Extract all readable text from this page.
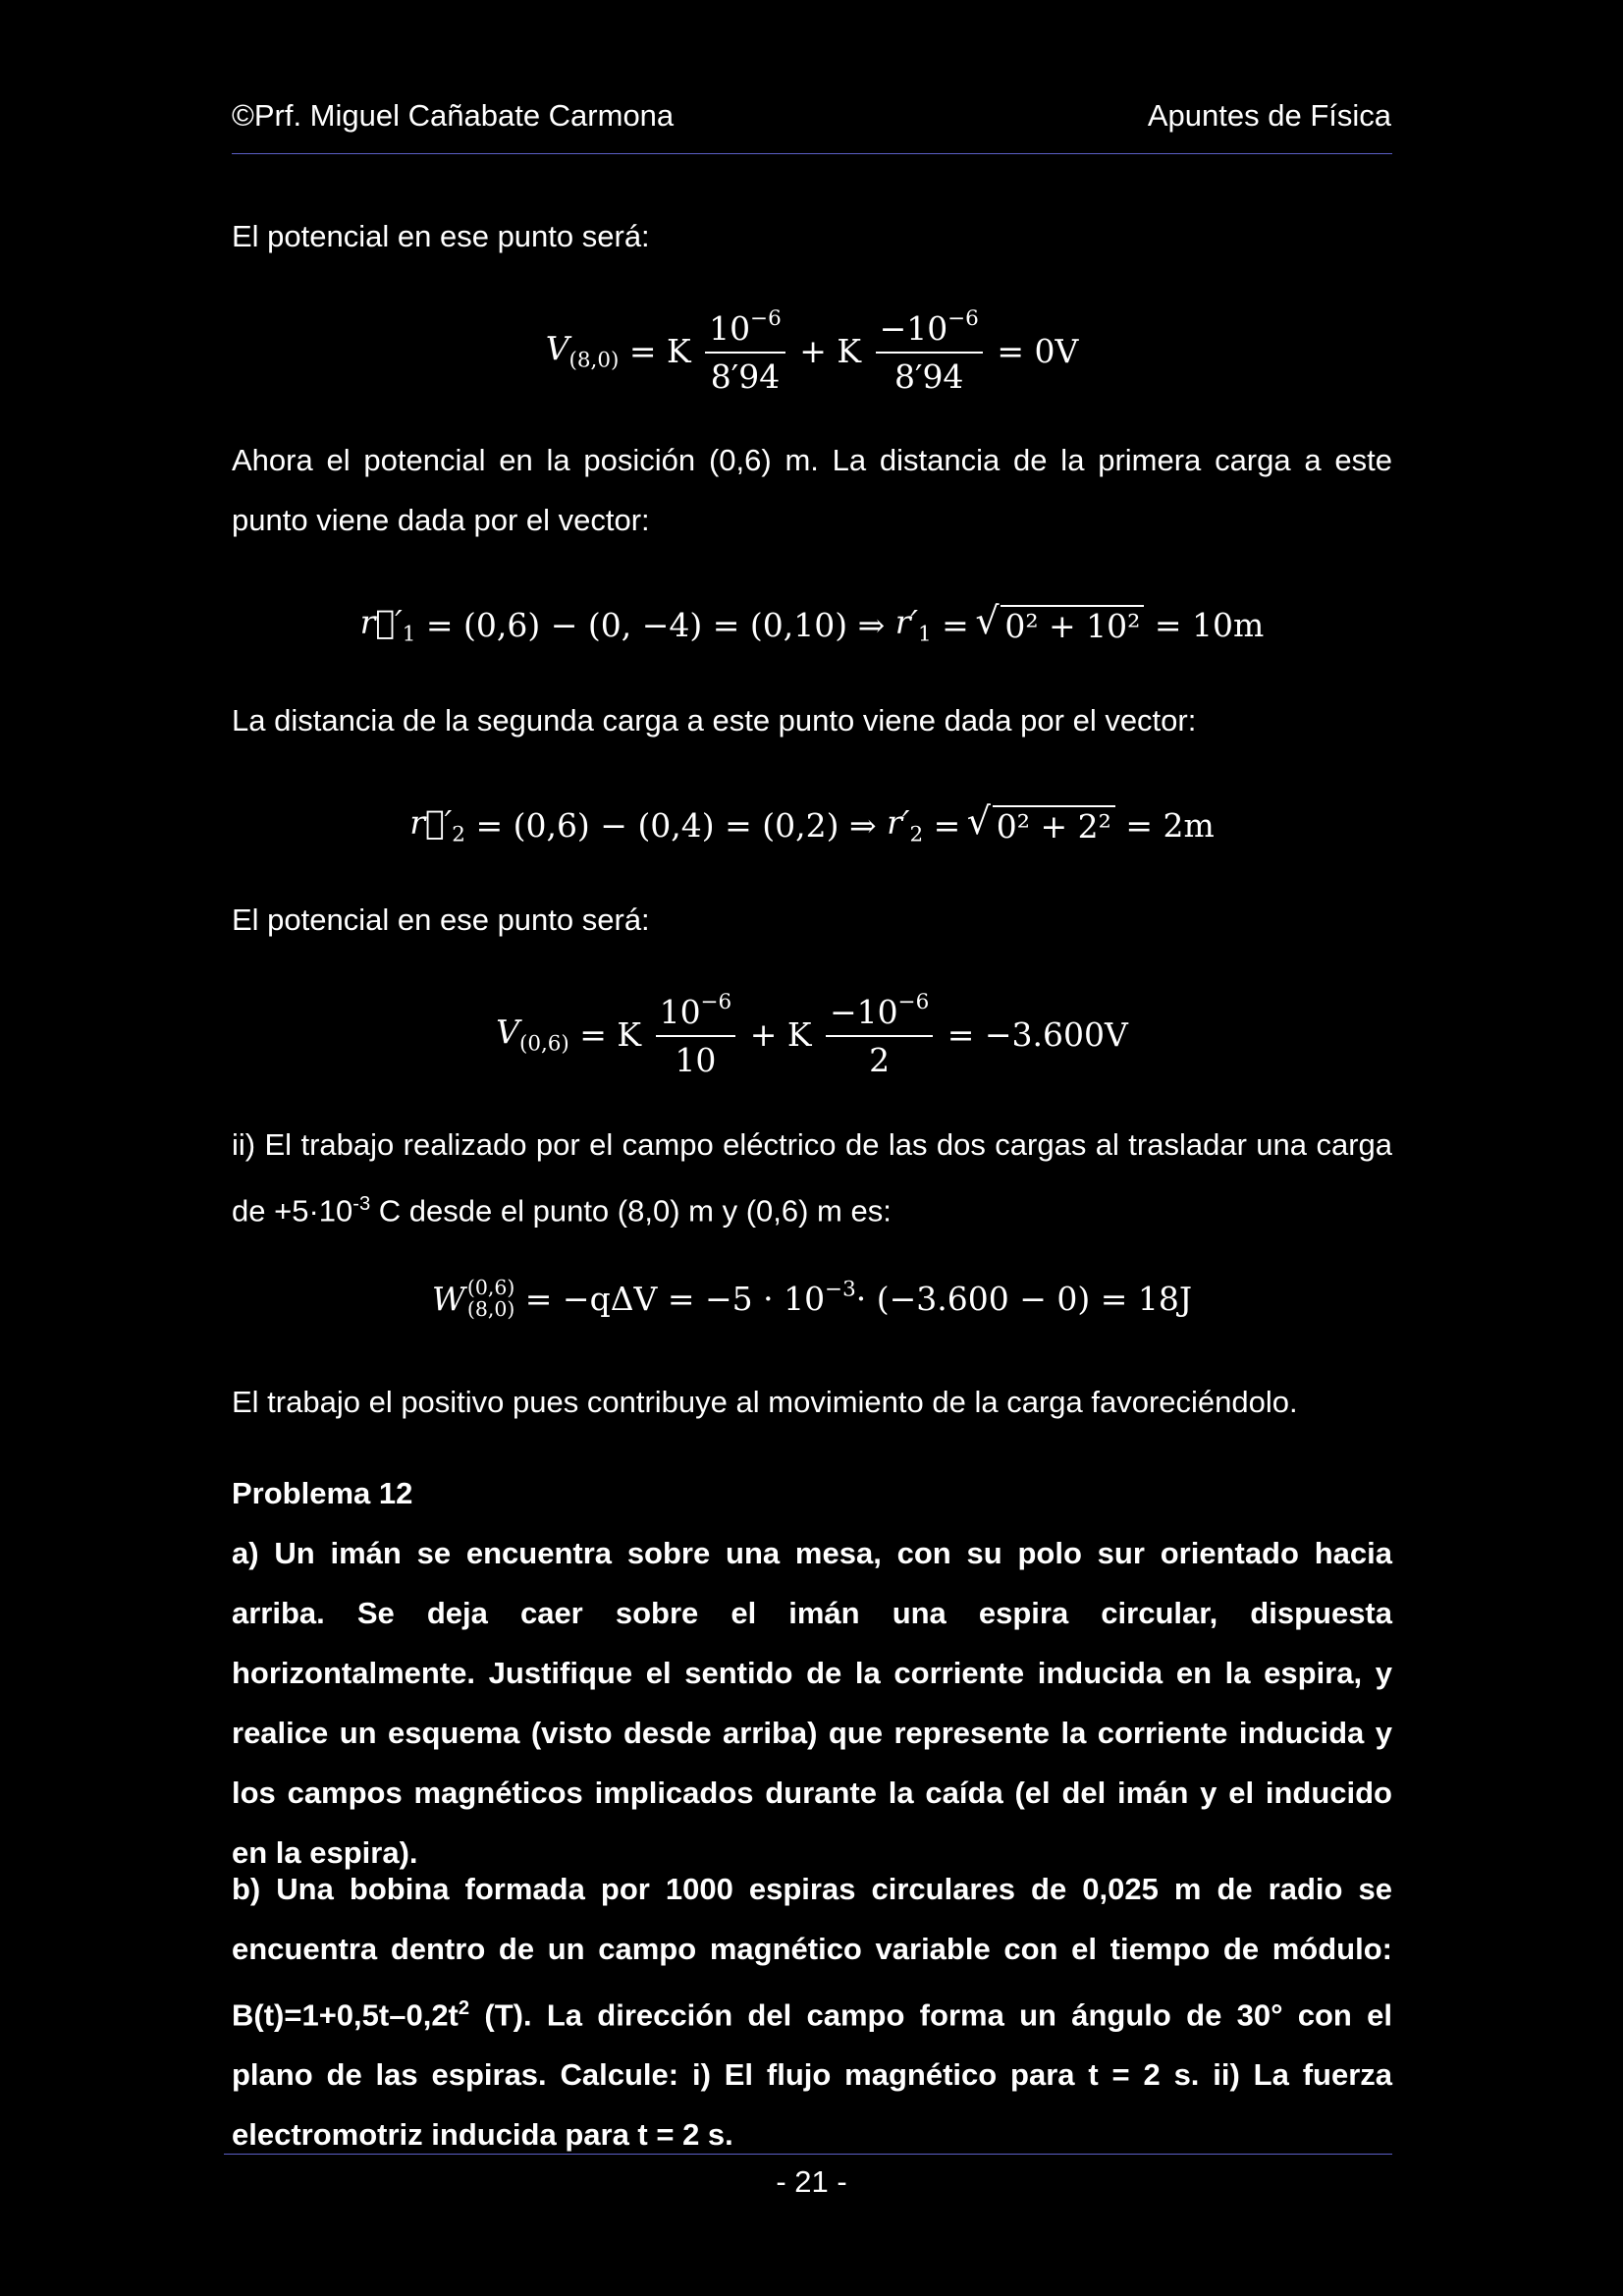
©Prf. Miguel Cañabate Carmona	Apuntes de Física

El potencial en ese punto será:

$V_{(8,0)} = K \frac{10^{-6}}{8'94} + K \frac{-10^{-6}}{8'94} = 0V$

Ahora el potencial en la posición (0,6) m. La distancia de la primera carga a este punto viene dada por el vector:

$r⃗'_1 = (0,6) - (0$, −4) = (0,10) ⇒ $r'_1$ = √ 0² + 10² = 10m

La distancia de la segunda carga a este punto viene dada por el vector:

$r⃗'_2 = (0,6) - (0,4) = (0,2)$ ⇒ $r'_2$ = √ 0² + 2² = 2m

El potencial en ese punto será:

$V_{(0,6)} = K \frac{10^{-6}}{10} + K \frac{-10^{-6}}{2} = -3.600V$

ii) El trabajo realizado por el campo eléctrico de las dos cargas al trasladar una carga de $+5\cdot 10^{-3}$ C desde el punto (8,0) m y (0,6) m es:

W (0,6)
$(8,0) = -q\Delta V = -5 \cdot 10^{-3}\cdot (-3.600 - 0) = 18J$

El trabajo el positivo pues contribuye al movimiento de la carga favoreciéndolo.

Problema 12

a) Un imán se encuentra sobre una mesa, con su polo sur orientado hacia arriba. Se deja caer sobre el imán una espira circular, dispuesta horizontalmente. Justifique el sentido de la corriente inducida en la espira, y realice un esquema (visto desde arriba) que represente la corriente inducida y los campos magnéticos implicados durante la caída (el del imán y el inducido en la espira).

b) Una bobina formada por 1000 espiras circulares de 0,025 m de radio se encuentra dentro de un campo magnético variable con el tiempo de módulo: $B(t)=1+0,5t-0,2t^2$ (T). La dirección del campo forma un ángulo de 30° con el plano de las espiras. Calcule: i) El flujo magnético para t = 2 s. ii) La fuerza electromotriz inducida para t = 2 s.

- 21 -
